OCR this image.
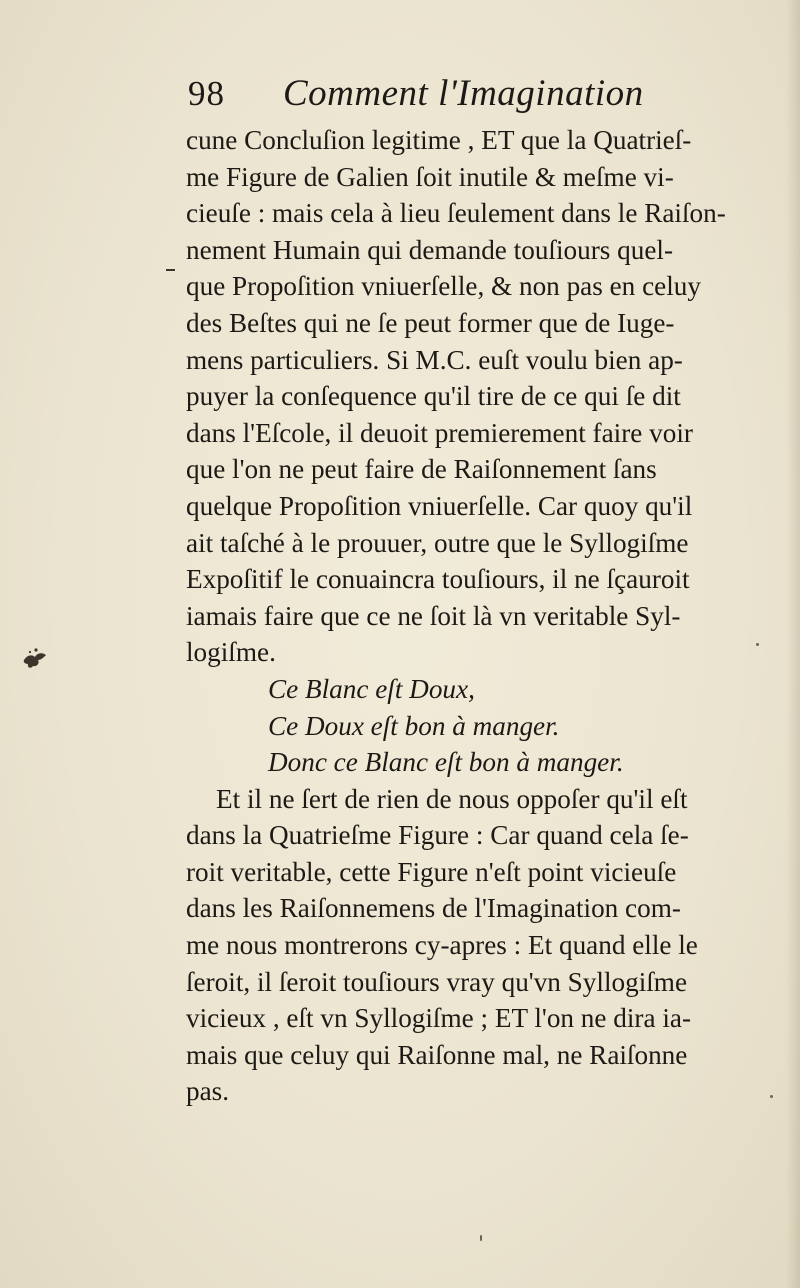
98 Comment l'Imagination
cune Concluſion legitime , ET que la Quatrieſ-
me Figure de Galien ſoit inutile & meſme vi-
cieuſe : mais cela à lieu ſeulement dans le Raiſon-
nement Humain qui demande touſiours quel-
que Propoſition vniuerſelle, & non pas en celuy
des Beſtes qui ne ſe peut former que de Iuge-
mens particuliers. Si M.C. euſt voulu bien ap-
puyer la conſequence qu'il tire de ce qui ſe dit
dans l'Eſcole, il deuoit premierement faire voir
que l'on ne peut faire de Raiſonnement ſans
quelque Propoſition vniuerſelle. Car quoy qu'il
ait taſché à le prouuer, outre que le Syllogiſme
Expoſitif le conuaincra touſiours, il ne ſçauroit
iamais faire que ce ne ſoit là vn veritable Syl-
logiſme.
Ce Blanc eſt Doux,
Ce Doux eſt bon à manger.
Donc ce Blanc eſt bon à manger.
Et il ne ſert de rien de nous oppoſer qu'il eſt
dans la Quatrieſme Figure : Car quand cela ſe-
roit veritable, cette Figure n'eſt point vicieuſe
dans les Raiſonnemens de l'Imagination com-
me nous montrerons cy-apres : Et quand elle le
ſeroit, il ſeroit touſiours vray qu'vn Syllogiſme
vicieux , eſt vn Syllogiſme ; ET l'on ne dira ia-
mais que celuy qui Raiſonne mal, ne Raiſonne
pas.
